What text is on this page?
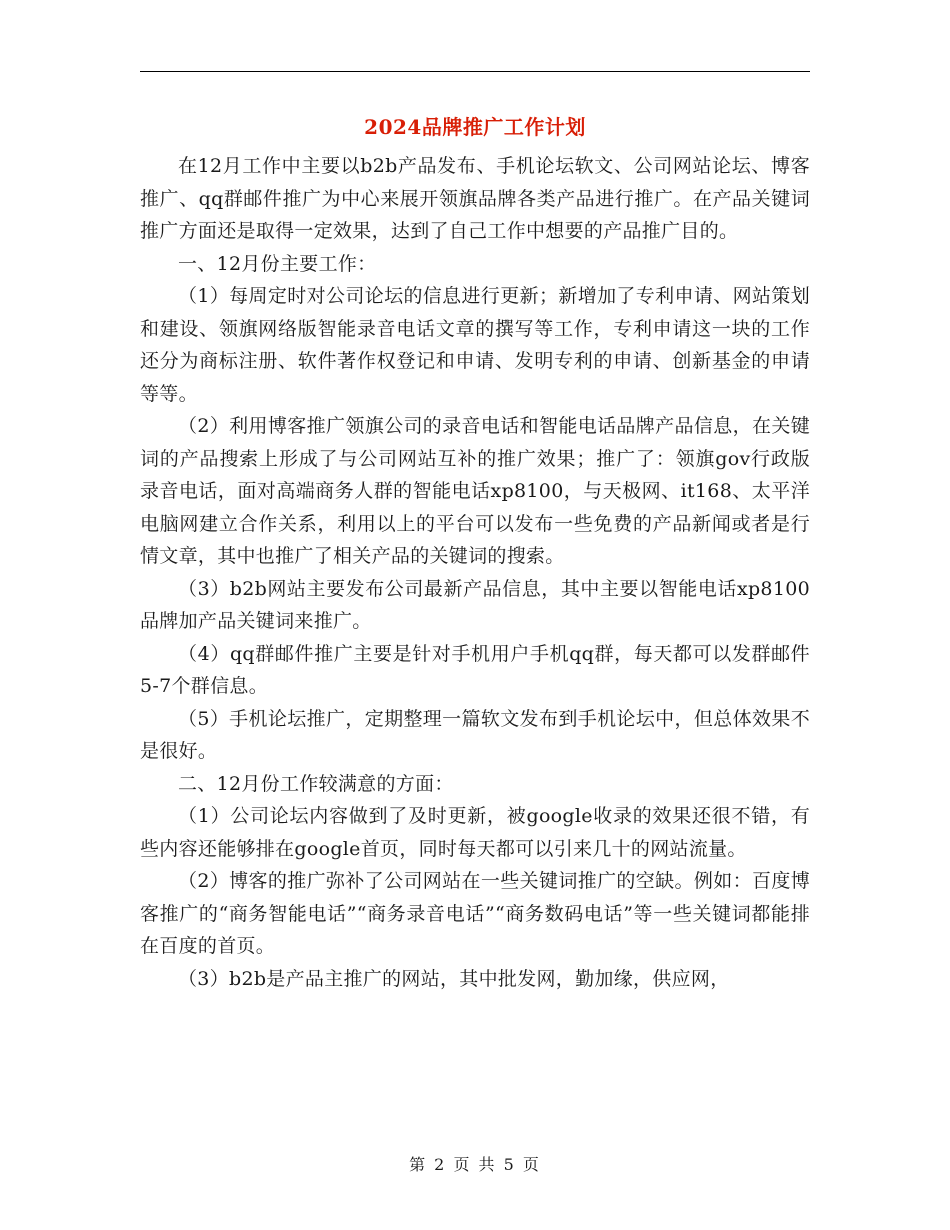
2024品牌推广工作计划

在12月工作中主要以b2b产品发布、手机论坛软文、公司网站论坛、博客推广、qq群邮件推广为中心来展开领旗品牌各类产品进行推广。在产品关键词推广方面还是取得一定效果，达到了自己工作中想要的产品推广目的。

一、12月份主要工作：

（1）每周定时对公司论坛的信息进行更新；新增加了专利申请、网站策划和建设、领旗网络版智能录音电话文章的撰写等工作，专利申请这一块的工作还分为商标注册、软件著作权登记和申请、发明专利的申请、创新基金的申请等等。

（2）利用博客推广领旗公司的录音电话和智能电话品牌产品信息，在关键词的产品搜索上形成了与公司网站互补的推广效果；推广了：领旗gov行政版录音电话，面对高端商务人群的智能电话xp8100，与天极网、it168、太平洋电脑网建立合作关系，利用以上的平台可以发布一些免费的产品新闻或者是行情文章，其中也推广了相关产品的关键词的搜索。

（3）b2b网站主要发布公司最新产品信息，其中主要以智能电话xp8100品牌加产品关键词来推广。

（4）qq群邮件推广主要是针对手机用户手机qq群，每天都可以发群邮件5-7个群信息。

（5）手机论坛推广，定期整理一篇软文发布到手机论坛中，但总体效果不是很好。

二、12月份工作较满意的方面：

（1）公司论坛内容做到了及时更新，被google收录的效果还很不错，有些内容还能够排在google首页，同时每天都可以引来几十的网站流量。

（2）博客的推广弥补了公司网站在一些关键词推广的空缺。例如：百度博客推广的“商务智能电话”“商务录音电话”“商务数码电话”等一些关键词都能排在百度的首页。

（3）b2b是产品主推广的网站，其中批发网，勤加缘，供应网，

第 2 页 共 5 页
